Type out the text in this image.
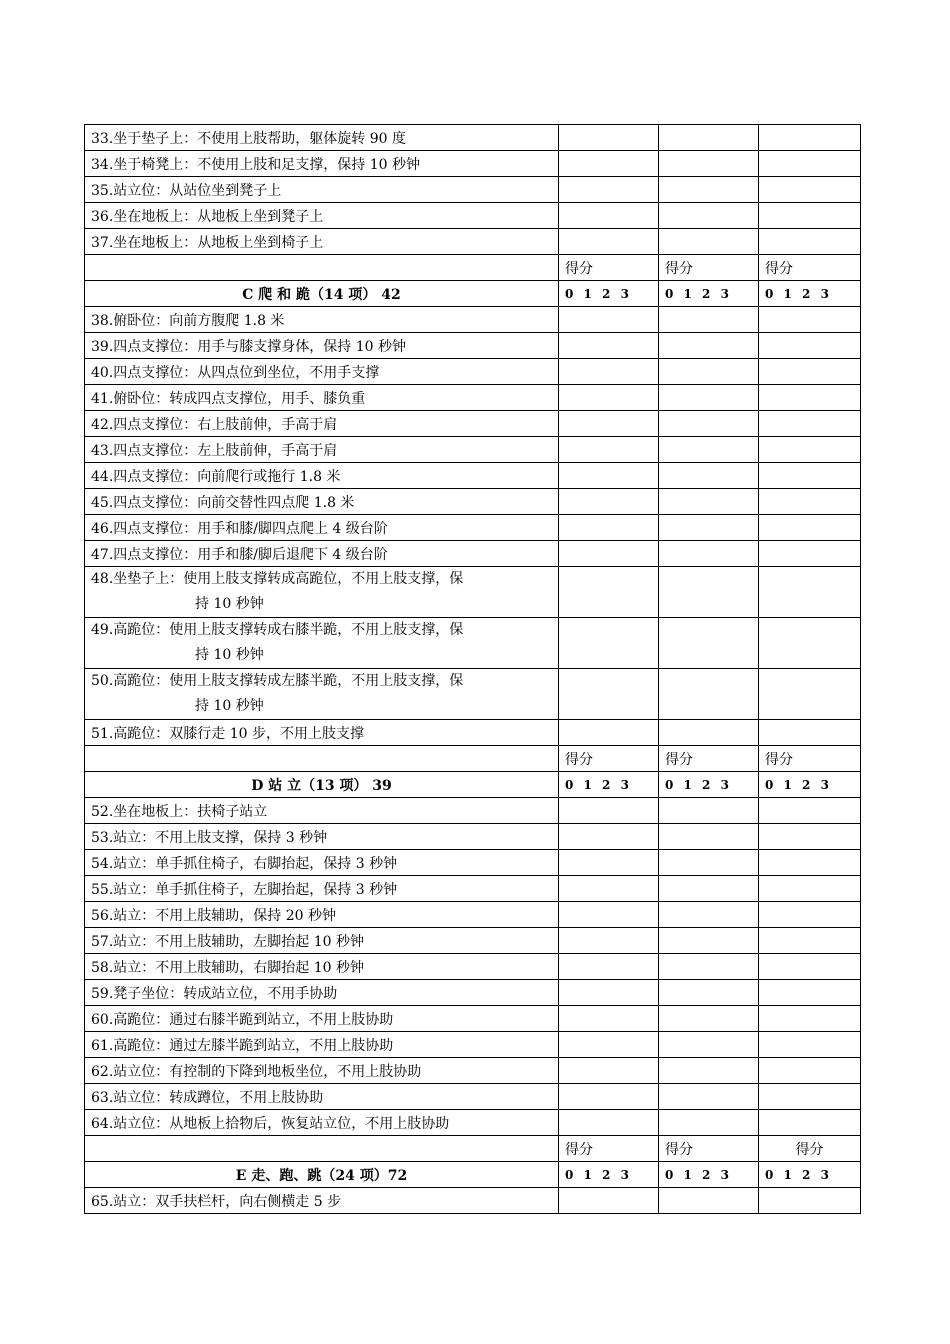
33.坐于垫子上：不使用上肢帮助，躯体旋转 90 度			
34.坐于椅凳上：不使用上肢和足支撑，保持 10 秒钟			
35.站立位：从站位坐到凳子上			
36.坐在地板上：从地板上坐到凳子上			
37.坐在地板上：从地板上坐到椅子上			
	得分	得分	得分
C 爬 和 跪（14 项） 42	0 1 2 3	0 1 2 3	0 1 2 3
38.俯卧位：向前方腹爬 1.8 米			
39.四点支撑位：用手与膝支撑身体，保持 10 秒钟			
40.四点支撑位：从四点位到坐位，不用手支撑			
41.俯卧位：转成四点支撑位，用手、膝负重			
42.四点支撑位：右上肢前伸，手高于肩			
43.四点支撑位：左上肢前伸，手高于肩			
44.四点支撑位：向前爬行或拖行 1.8 米			
45.四点支撑位：向前交替性四点爬 1.8 米			
46.四点支撑位：用手和膝/脚四点爬上 4 级台阶			
47.四点支撑位：用手和膝/脚后退爬下 4 级台阶			
48.坐垫子上：使用上肢支撑转成高跪位，不用上肢支撑，保
持 10 秒钟			

49.高跪位：使用上肢支撑转成右膝半跪，不用上肢支撑，保
持 10 秒钟			

50.高跪位：使用上肢支撑转成左膝半跪，不用上肢支撑，保
持 10 秒钟			

51.高跪位：双膝行走 10 步，不用上肢支撑			
	得分	得分	得分
D 站 立（13 项） 39	0 1 2 3	0 1 2 3	0 1 2 3
52.坐在地板上：扶椅子站立			
53.站立：不用上肢支撑，保持 3 秒钟			
54.站立：单手抓住椅子，右脚抬起，保持 3 秒钟			
55.站立：单手抓住椅子，左脚抬起，保持 3 秒钟			
56.站立：不用上肢辅助，保持 20 秒钟			
57.站立：不用上肢辅助，左脚抬起 10 秒钟			
58.站立：不用上肢辅助，右脚抬起 10 秒钟			
59.凳子坐位：转成站立位，不用手协助			
60.高跪位：通过右膝半跪到站立，不用上肢协助			
61.高跪位：通过左膝半跪到站立，不用上肢协助			
62.站立位：有控制的下降到地板坐位，不用上肢协助			
63.站立位：转成蹲位，不用上肢协助			
64.站立位：从地板上拾物后，恢复站立位，不用上肢协助			
	得分	得分	得分
E 走、跑、跳（24 项）72	0 1 2 3	0 1 2 3	0 1 2 3
65.站立：双手扶栏杆，向右侧横走 5 步			
